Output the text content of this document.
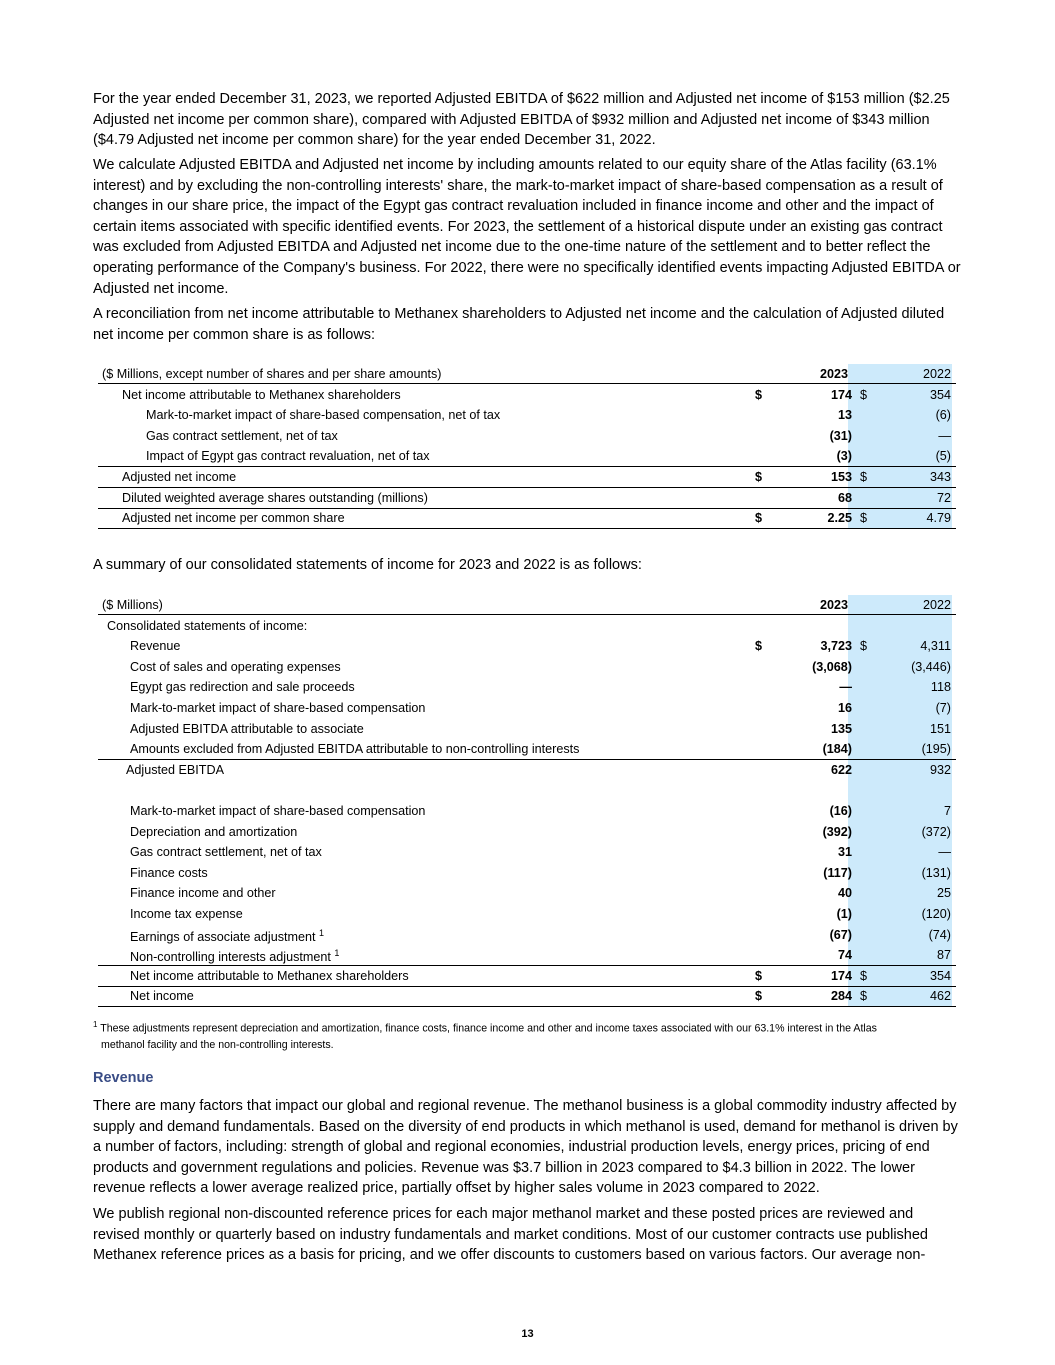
For the year ended December 31, 2023, we reported Adjusted EBITDA of $622 million and Adjusted net income of $153 million ($2.25 Adjusted net income per common share), compared with Adjusted EBITDA of $932 million and Adjusted net income of $343 million ($4.79 Adjusted net income per common share) for the year ended December 31, 2022.

We calculate Adjusted EBITDA and Adjusted net income by including amounts related to our equity share of the Atlas facility (63.1% interest) and by excluding the non-controlling interests' share, the mark-to-market impact of share-based compensation as a result of changes in our share price, the impact of the Egypt gas contract revaluation included in finance income and other and the impact of certain items associated with specific identified events. For 2023, the settlement of a historical dispute under an existing gas contract was excluded from Adjusted EBITDA and Adjusted net income due to the one-time nature of the settlement and to better reflect the operating performance of the Company's business. For 2022, there were no specifically identified events impacting Adjusted EBITDA or Adjusted net income.

A reconciliation from net income attributable to Methanex shareholders to Adjusted net income and the calculation of Adjusted diluted net income per common share is as follows:

($ Millions, except number of shares and per share amounts)	2023	2022
Net income attributable to Methanex shareholders	$	174 $	354
Mark-to-market impact of share-based compensation, net of tax	13	(6)
Gas contract settlement, net of tax	(31)	—
Impact of Egypt gas contract revaluation, net of tax	(3)	(5)
Adjusted net income	$	153 $	343
Diluted weighted average shares outstanding (millions)	68	72
Adjusted net income per common share	$	2.25 $	4.79

A summary of our consolidated statements of income for 2023 and 2022 is as follows:

($ Millions)	2023	2022
Consolidated statements of income:
Revenue	$	3,723 $	4,311
Cost of sales and operating expenses	(3,068)	(3,446)
Egypt gas redirection and sale proceeds	—	118
Mark-to-market impact of share-based compensation	16	(7)
Adjusted EBITDA attributable to associate	135	151
Amounts excluded from Adjusted EBITDA attributable to non-controlling interests	(184)	(195)
Adjusted EBITDA	622	932
Mark-to-market impact of share-based compensation	(16)	7
Depreciation and amortization	(392)	(372)
Gas contract settlement, net of tax	31	—
Finance costs	(117)	(131)
Finance income and other	40	25
Income tax expense	(1)	(120)
Earnings of associate adjustment $^1$	(67)	(74)
Non-controlling interests adjustment $^1$	74	87
Net income attributable to Methanex shareholders	$	174 $	354
Net income	$	284 $	462
$^1$ These adjustments represent depreciation and amortization, finance costs, finance income and other and income taxes associated with our 63.1% interest in the Atlas
methanol facility and the non-controlling interests.
Revenue

There are many factors that impact our global and regional revenue. The methanol business is a global commodity industry affected by supply and demand fundamentals. Based on the diversity of end products in which methanol is used, demand for methanol is driven by a number of factors, including: strength of global and regional economies, industrial production levels, energy prices, pricing of end products and government regulations and policies. Revenue was $3.7 billion in 2023 compared to $4.3 billion in 2022. The lower revenue reflects a lower average realized price, partially offset by higher sales volume in 2023 compared to 2022.

We publish regional non-discounted reference prices for each major methanol market and these posted prices are reviewed and revised monthly or quarterly based on industry fundamentals and market conditions. Most of our customer contracts use published Methanex reference prices as a basis for pricing, and we offer discounts to customers based on various factors. Our average non-

13
